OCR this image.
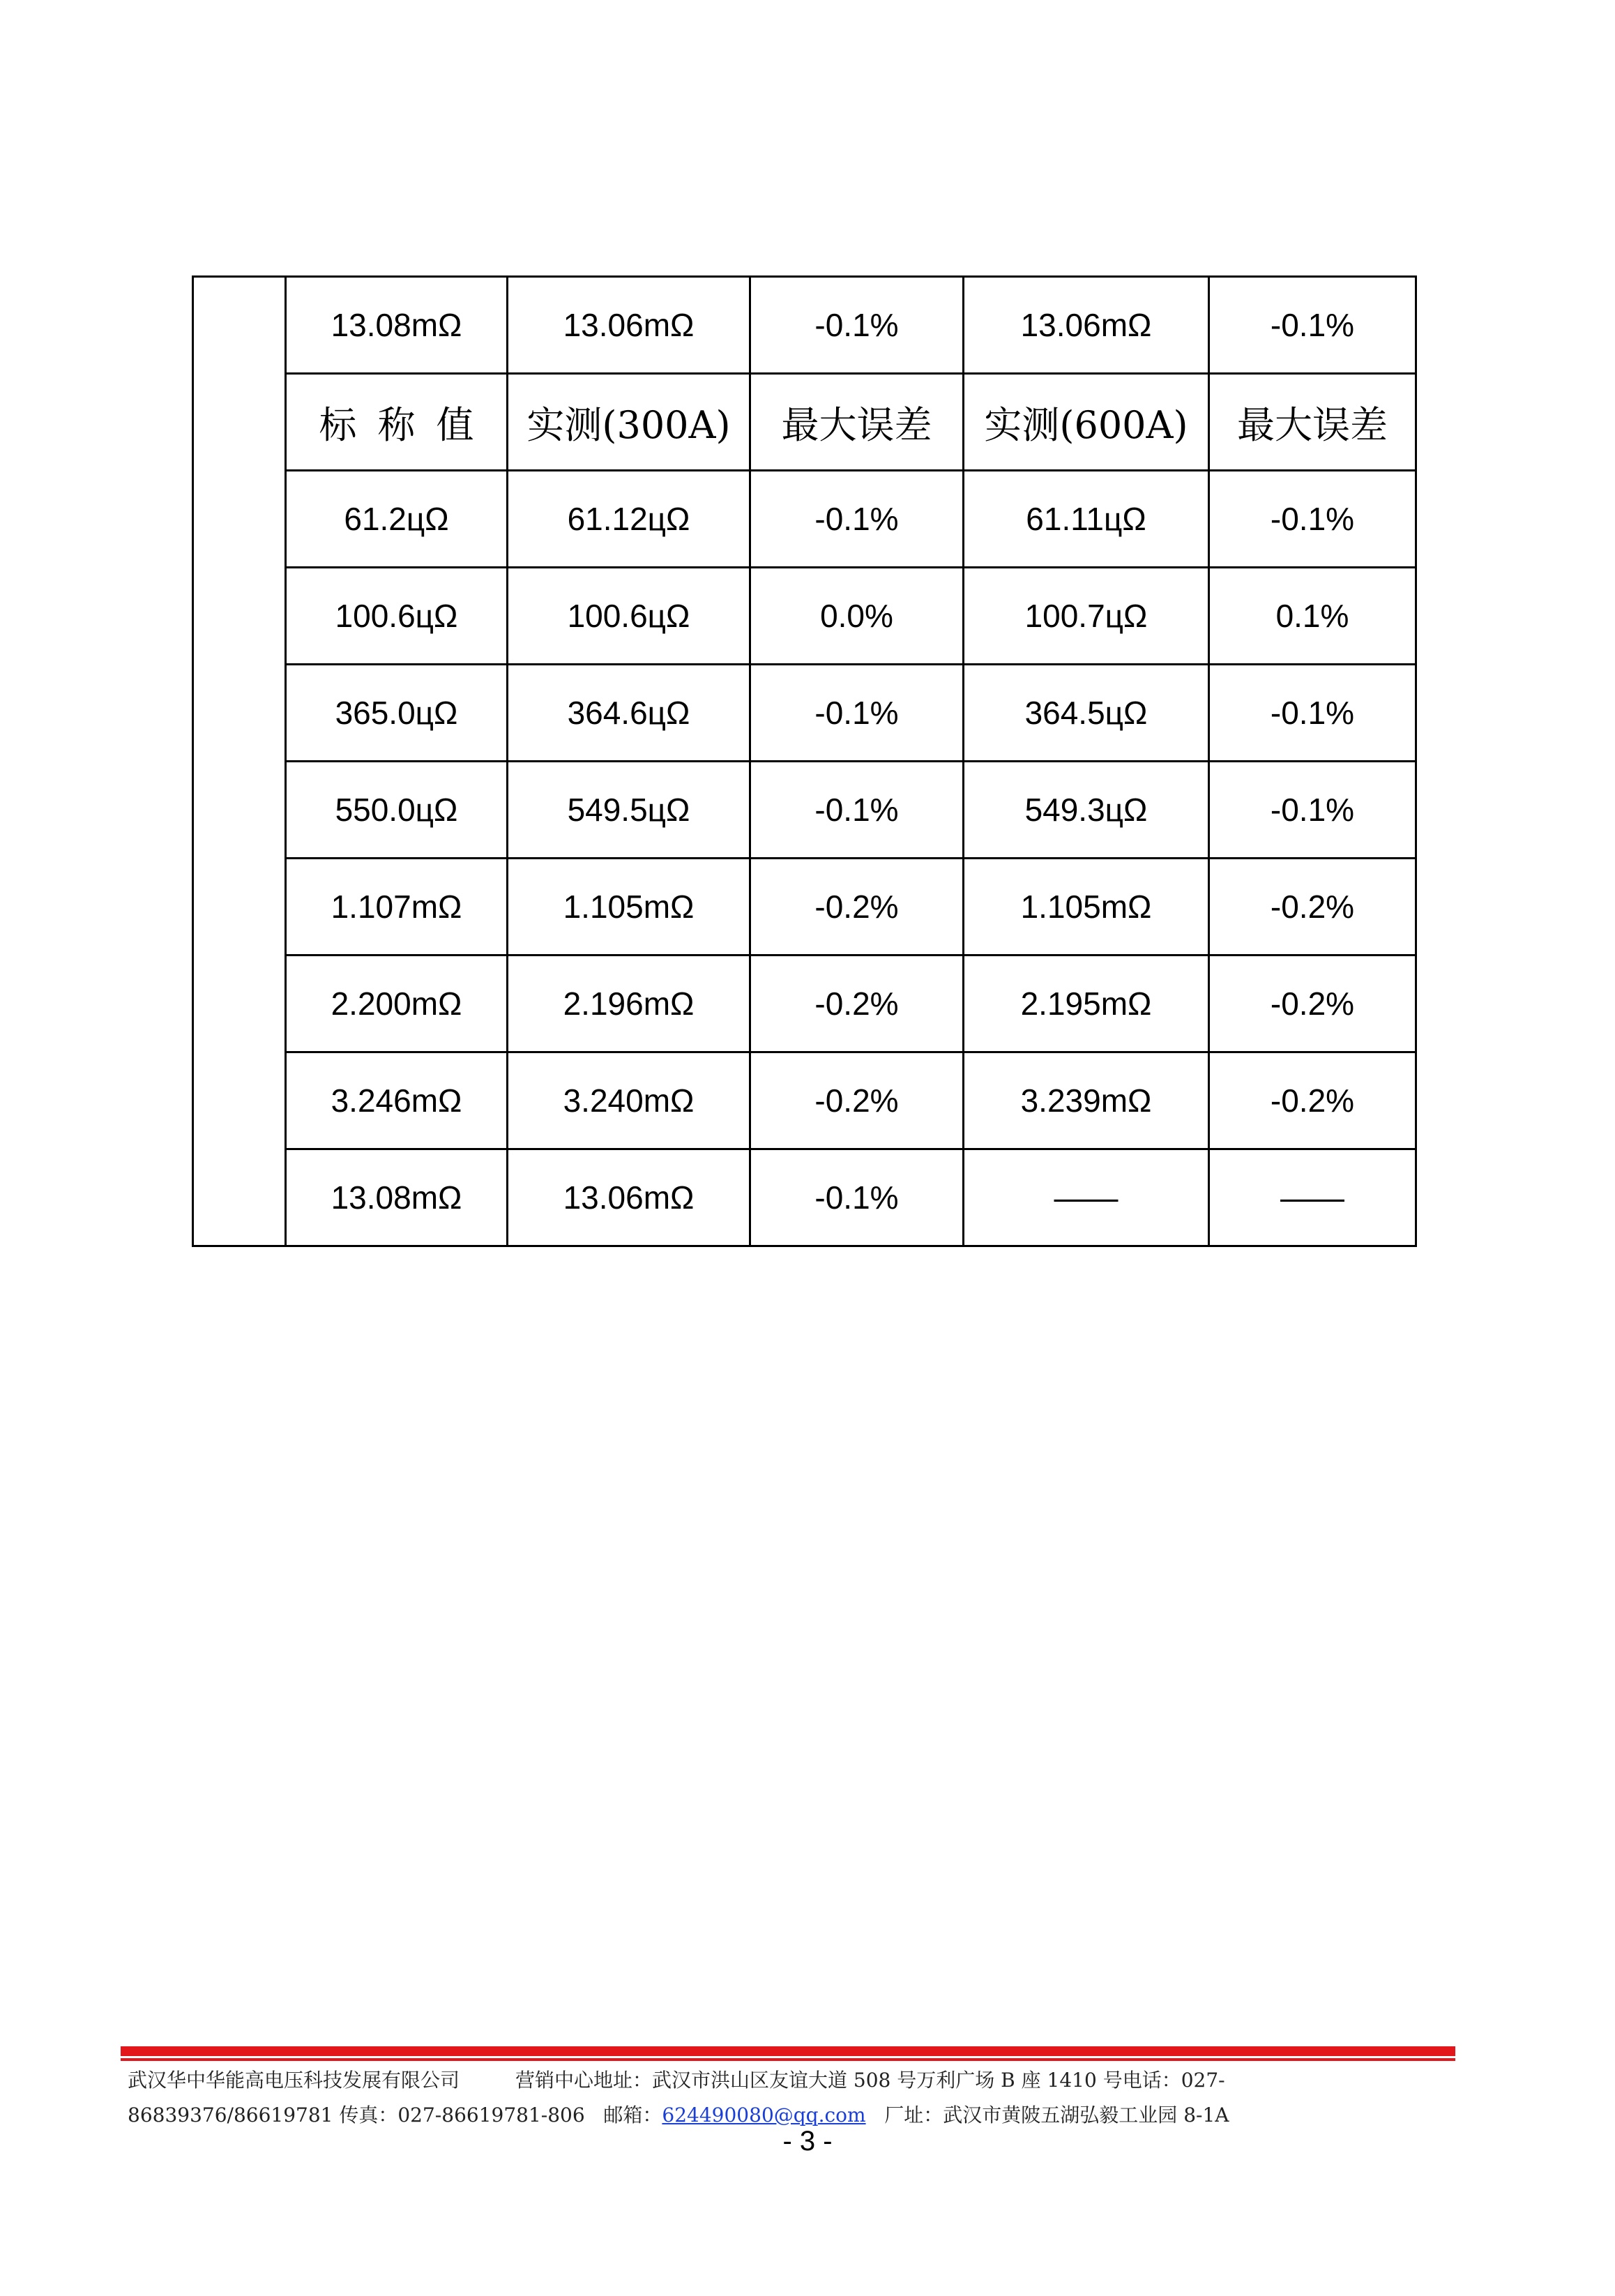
	13.08mΩ	13.06mΩ	-0.1%	13.06mΩ	-0.1%
	标称值	实测(300A)	最大误差	实测(600A)	最大误差
	61.2цΩ	61.12цΩ	-0.1%	61.11цΩ	-0.1%
	100.6цΩ	100.6цΩ	0.0%	100.7цΩ	0.1%
	365.0цΩ	364.6цΩ	-0.1%	364.5цΩ	-0.1%
	550.0цΩ	549.5цΩ	-0.1%	549.3цΩ	-0.1%
	1.107mΩ	1.105mΩ	-0.2%	1.105mΩ	-0.2%
	2.200mΩ	2.196mΩ	-0.2%	2.195mΩ	-0.2%
	3.246mΩ	3.240mΩ	-0.2%	3.239mΩ	-0.2%
	13.08mΩ	13.06mΩ	-0.1%	——	——
武汉华中华能高电压科技发展有限公司	营销中心地址：武汉市洪山区友谊大道 508 号万利广场 B 座 1410 号电话：027-
86839376/86619781 传真：027-86619781-806 邮箱：624490080@qq.com 厂址：武汉市黄陂五湖弘毅工业园 8-1A
- 3 -
